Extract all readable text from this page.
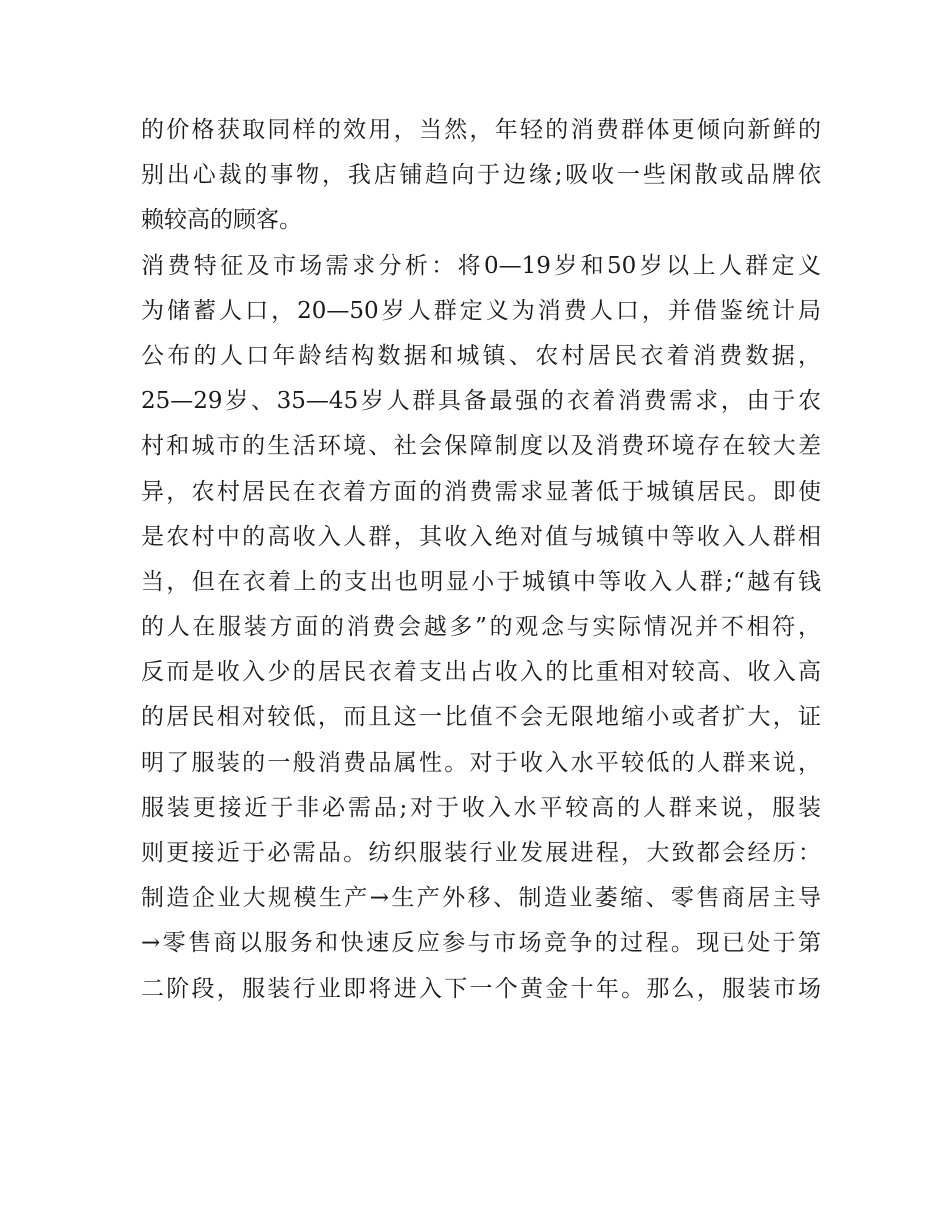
的价格获取同样的效用，当然，年轻的消费群体更倾向新鲜的
别出心裁的事物，我店铺趋向于边缘;吸收一些闲散或品牌依
赖较高的顾客。
消费特征及市场需求分析：将0—19岁和50岁以上人群定义
为储蓄人口，20—50岁人群定义为消费人口，并借鉴统计局
公布的人口年龄结构数据和城镇、农村居民衣着消费数据，
25—29岁、35—45岁人群具备最强的衣着消费需求，由于农
村和城市的生活环境、社会保障制度以及消费环境存在较大差
异，农村居民在衣着方面的消费需求显著低于城镇居民。即使
是农村中的高收入人群，其收入绝对值与城镇中等收入人群相
当，但在衣着上的支出也明显小于城镇中等收入人群;“越有钱
的人在服装方面的消费会越多”的观念与实际情况并不相符，
反而是收入少的居民衣着支出占收入的比重相对较高、收入高
的居民相对较低，而且这一比值不会无限地缩小或者扩大，证
明了服装的一般消费品属性。对于收入水平较低的人群来说，
服装更接近于非必需品;对于收入水平较高的人群来说，服装
则更接近于必需品。纺织服装行业发展进程，大致都会经历：
制造企业大规模生产→生产外移、制造业萎缩、零售商居主导
→零售商以服务和快速反应参与市场竞争的过程。现已处于第
二阶段，服装行业即将进入下一个黄金十年。那么，服装市场
